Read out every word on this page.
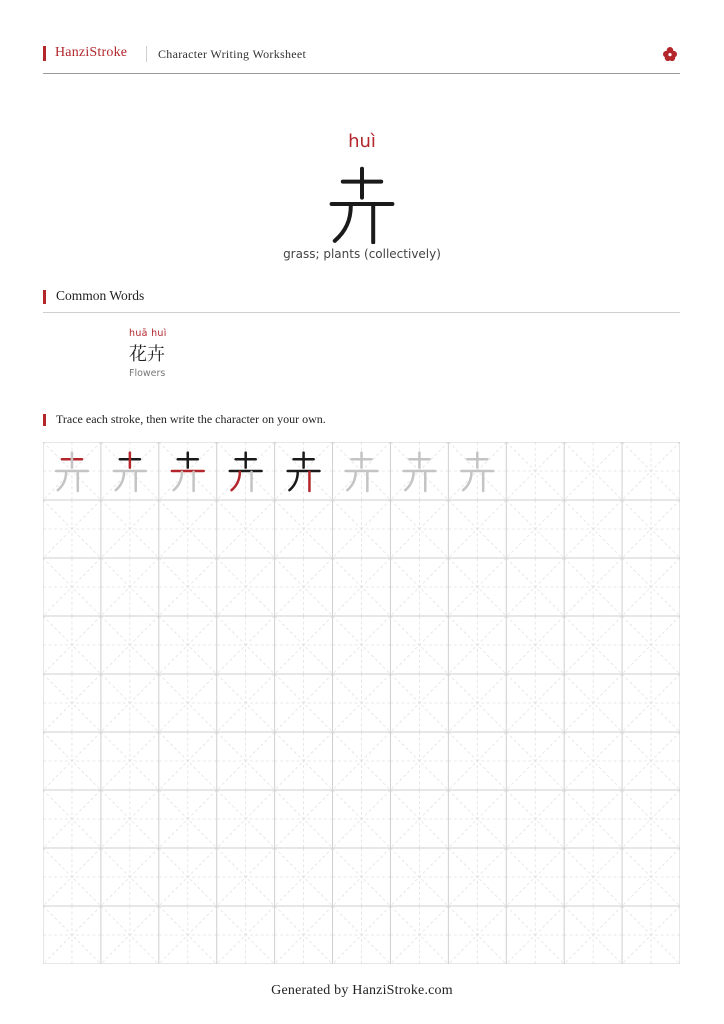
HanziStroke	Character Writing Worksheet
huì
grass; plants (collectively)
Common Words
huā huì
花卉
Flowers
Trace each stroke, then write the character on your own.
Generated by HanziStroke.com
